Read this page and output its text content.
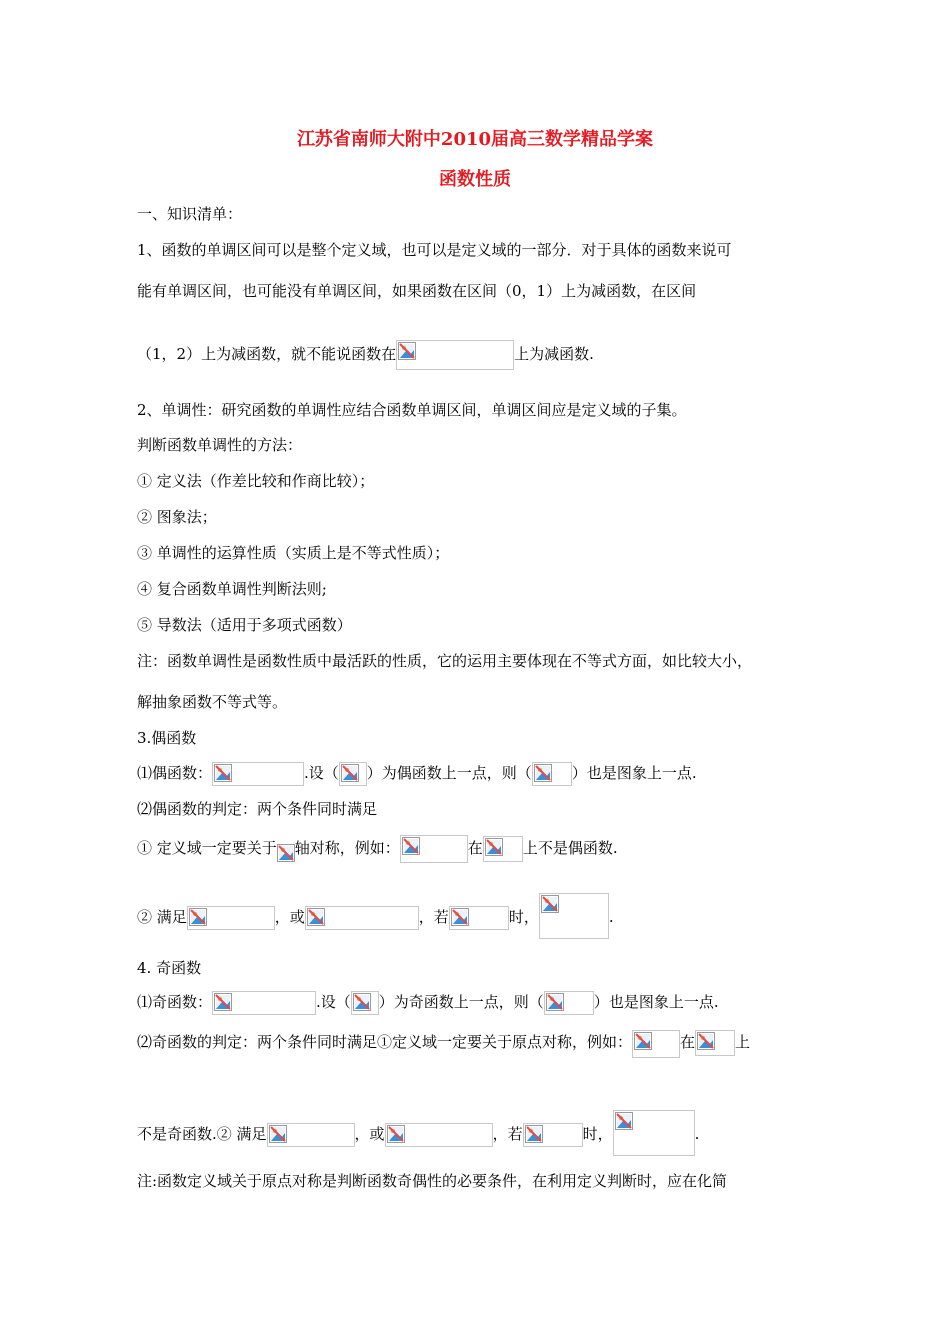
江苏省南师大附中2010届高三数学精品学案
函数性质
一、知识清单：
1、函数的单调区间可以是整个定义域，也可以是定义域的一部分．对于具体的函数来说可
能有单调区间，也可能没有单调区间，如果函数在区间（0，1）上为减函数，在区间
（1，2）上为减函数，就不能说函数在	上为减函数.
2、单调性：研究函数的单调性应结合函数单调区间，单调区间应是定义域的子集。
判断函数单调性的方法：
① 定义法（作差比较和作商比较）；
② 图象法；
③ 单调性的运算性质（实质上是不等式性质）；
④ 复合函数单调性判断法则;
⑤ 导数法（适用于多项式函数）
注：函数单调性是函数性质中最活跃的性质，它的运用主要体现在不等式方面，如比较大小，
解抽象函数不等式等。
3.偶函数
⑴偶函数：	.设（ ）为偶函数上一点，则（	）也是图象上一点.
⑵偶函数的判定：两个条件同时满足
① 定义域一定要关于 轴对称，例如：	在	上不是偶函数.
② 满足	，或	，若	时，	.
4. 奇函数
⑴奇函数：	.设（ ）为奇函数上一点，则（	）也是图象上一点.
⑵奇函数的判定：两个条件同时满足①定义域一定要关于原点对称，例如：	在	上
不是奇函数.② 满足	，或	，若	时，	.
注:函数定义域关于原点对称是判断函数奇偶性的必要条件，在利用定义判断时，应在化简
